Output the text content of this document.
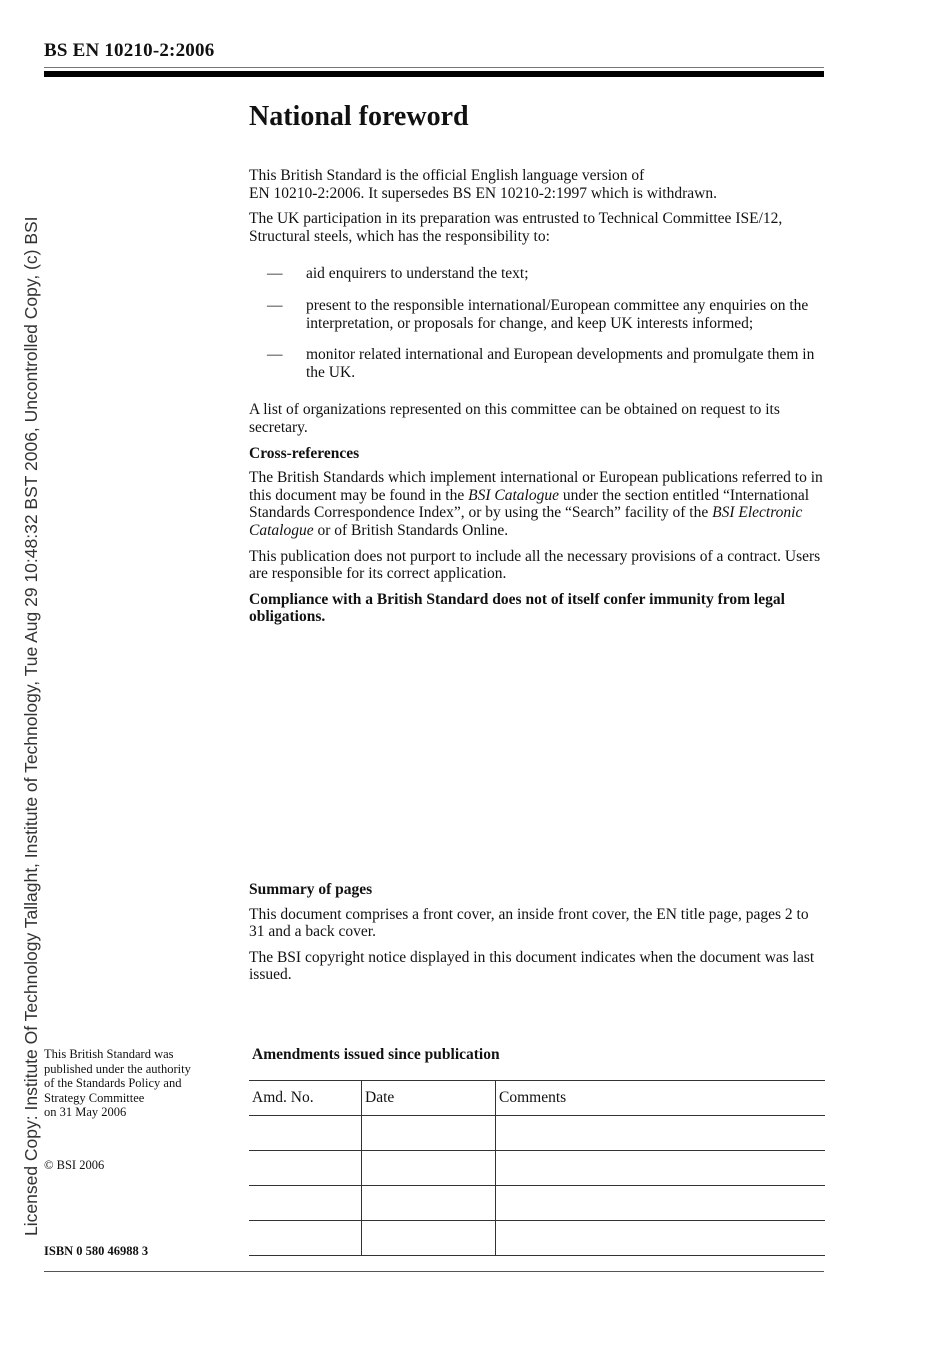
BS EN 10210-2:2006
Licensed Copy: Institute Of Technology Tallaght, Institute of Technology, Tue Aug 29 10:48:32 BST 2006, Uncontrolled Copy, (c) BSI
National foreword

This British Standard is the official English language version of
EN 10210-2:2006. It supersedes BS EN 10210-2:1997 which is withdrawn.

The UK participation in its preparation was entrusted to Technical Committee ISE/12, Structural steels, which has the responsibility to:

— aid enquirers to understand the text;
— present to the responsible international/European committee any enquiries on the interpretation, or proposals for change, and keep UK interests informed;
— monitor related international and European developments and promulgate them in the UK.

A list of organizations represented on this committee can be obtained on request to its secretary.

Cross-references

The British Standards which implement international or European publications referred to in this document may be found in the BSI Catalogue under the section entitled “International Standards Correspondence Index”, or by using the “Search” facility of the BSI Electronic Catalogue or of British Standards Online.

This publication does not purport to include all the necessary provisions of a contract. Users are responsible for its correct application.

Compliance with a British Standard does not of itself confer immunity from legal obligations.

Summary of pages

This document comprises a front cover, an inside front cover, the EN title page, pages 2 to 31 and a back cover.

The BSI copyright notice displayed in this document indicates when the document was last issued.

This British Standard was
published under the authority
of the Standards Policy and
Strategy Committee
on 31 May 2006
© BSI 2006
ISBN 0 580 46988 3
Amendments issued since publication
Amd. No.	Date	Comments
